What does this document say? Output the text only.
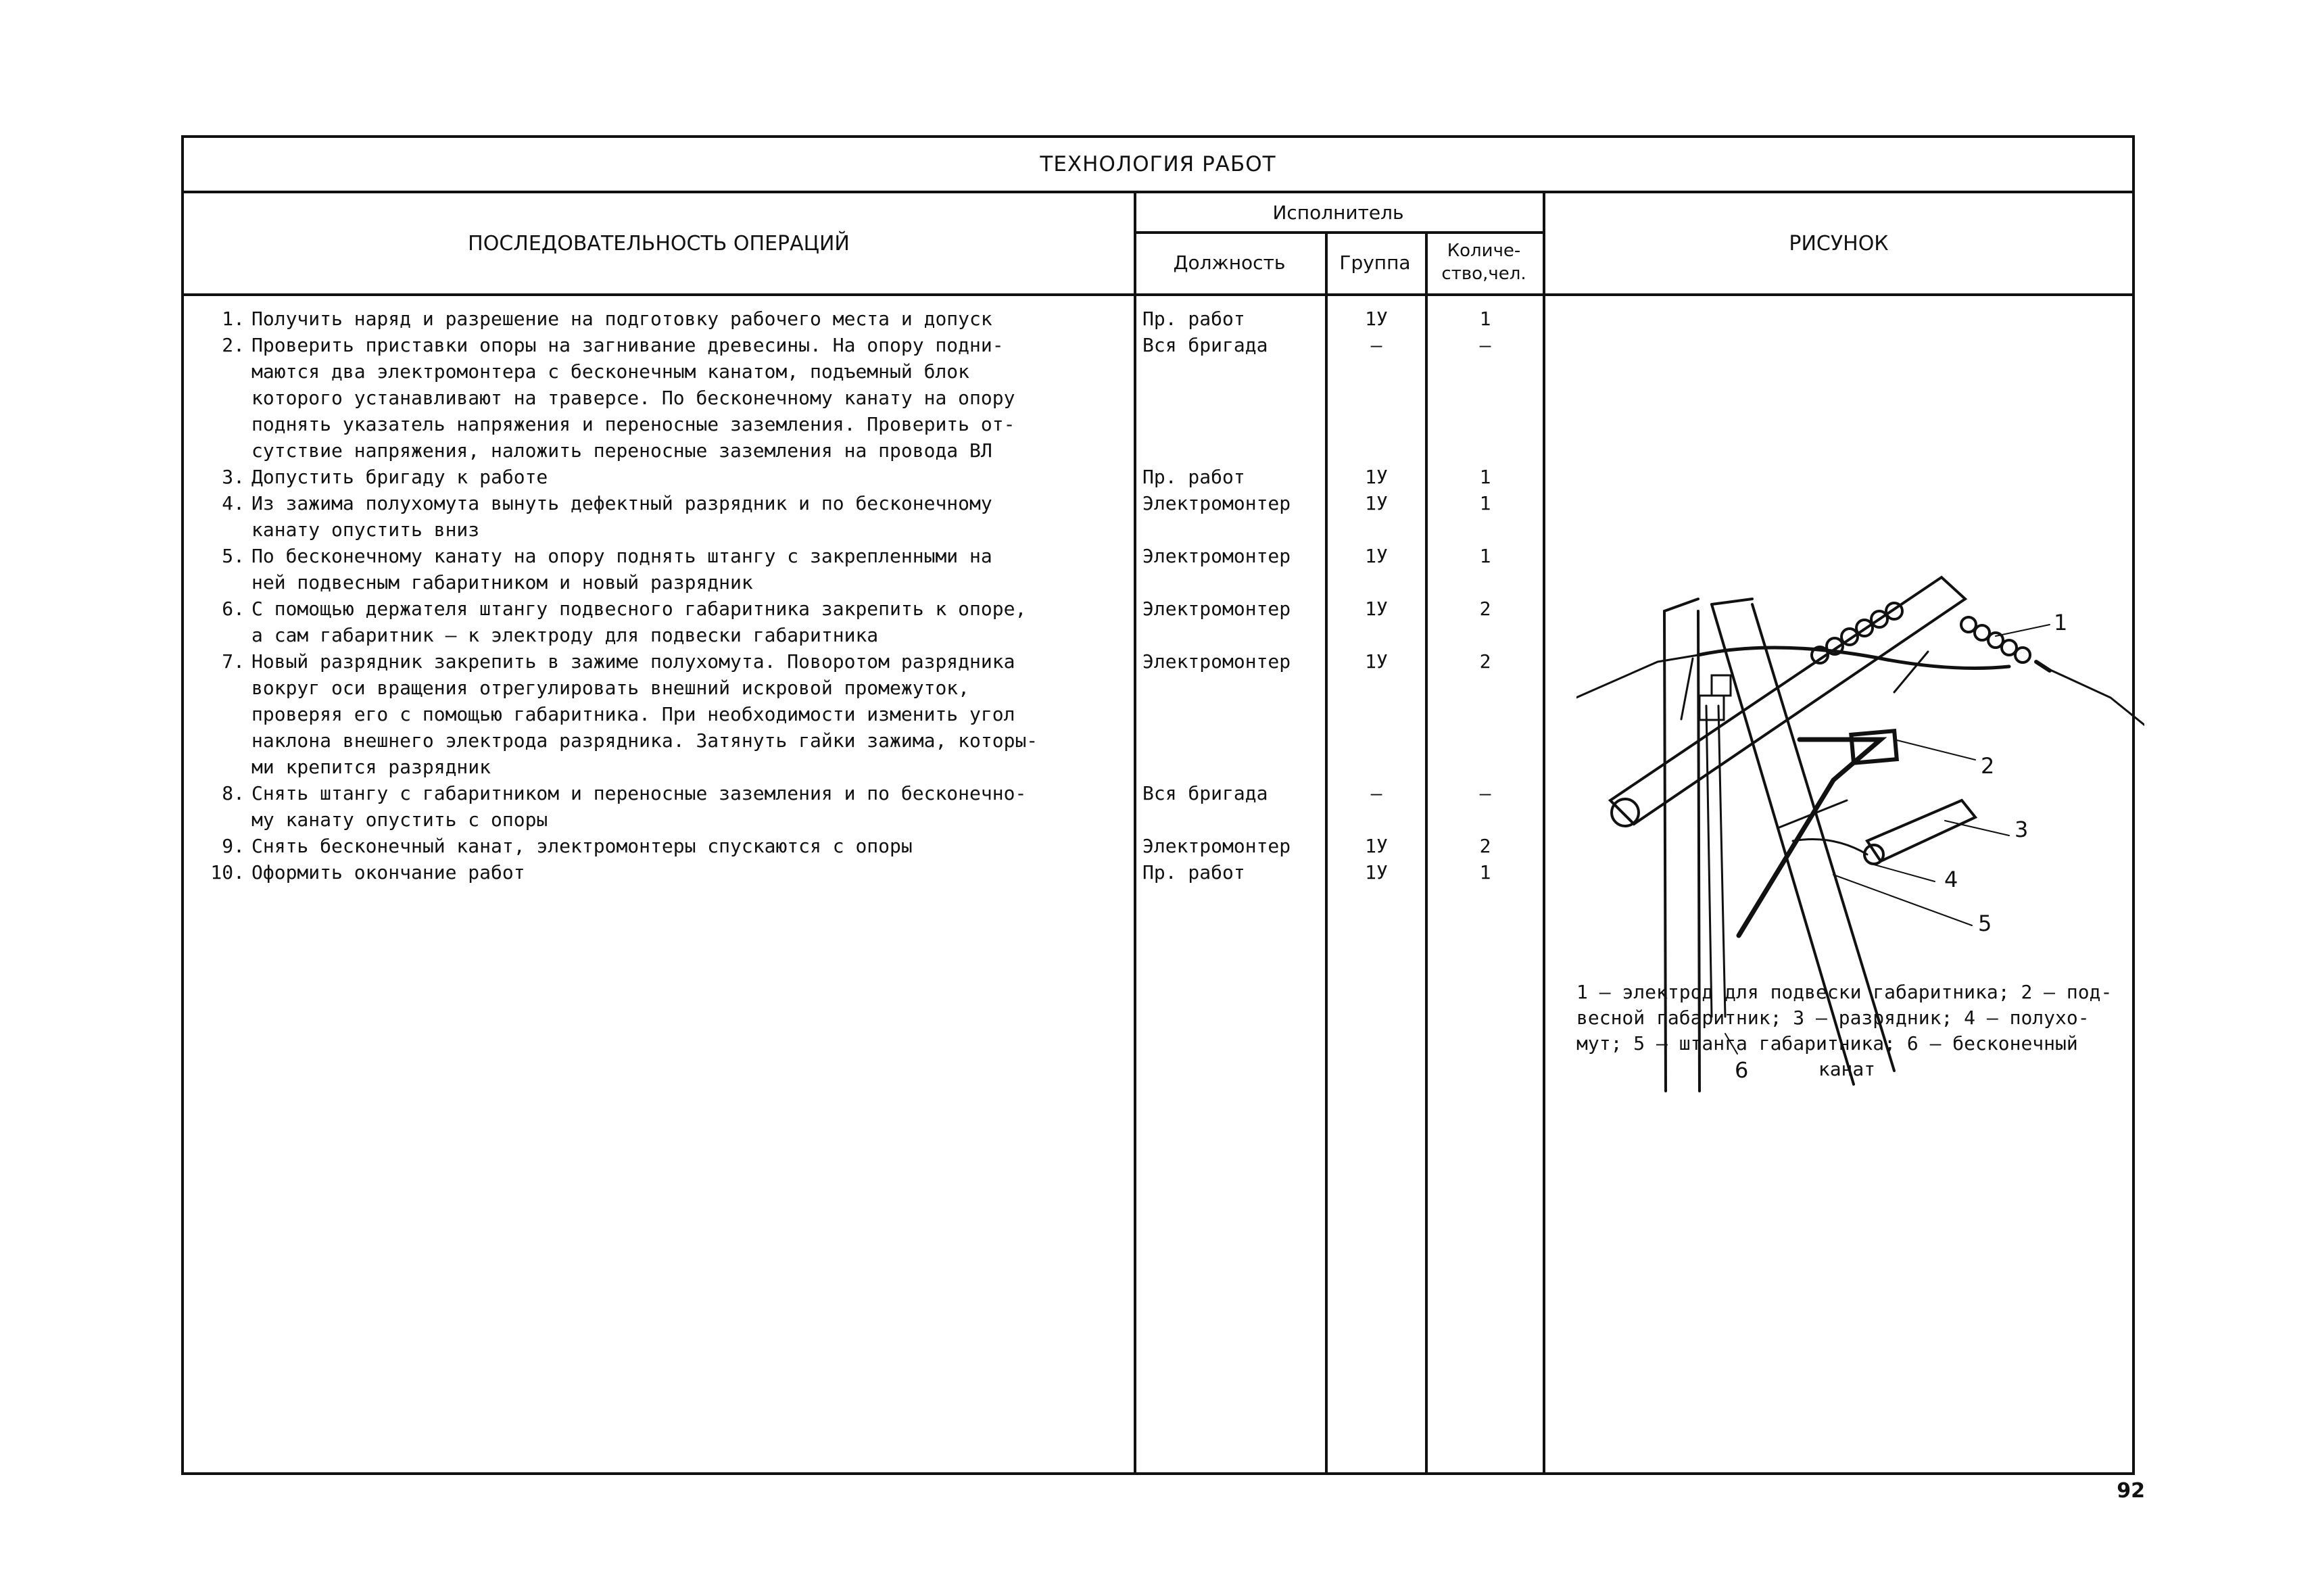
ТЕХНОЛОГИЯ РАБОТ
ПОСЛЕДОВАТЕЛЬНОСТЬ ОПЕРАЦИЙ
Исполнитель
Должность	Группа
Количе-
ство,чел.
РИСУНОК
1. Получить наряд и разрешение на подготовку рабочего места и допуск	Пр. работ	1У	1
2. Проверить приставки опоры на загнивание древесины. На опору подни-
маются два электромонтера с бесконечным канатом, подъемный блок
которого устанавливают на траверсе. По бесконечному канату на опору
поднять указатель напряжения и переносные заземления. Проверить от-
сутствие напряжения, наложить переносные заземления на провода ВЛ
Вся бригада	–	–
3. Допустить бригаду к работе	Пр. работ	1У	1
4. Из зажима полухомута вынуть дефектный разрядник и по бесконечному
канату опустить вниз
Электромонтер	1У	1
5. По бесконечному канату на опору поднять штангу с закрепленными на
ней подвесным габаритником и новый разрядник
Электромонтер	1У	1
6. С помощью держателя штангу подвесного габаритника закрепить к опоре,
а сам габаритник — к электроду для подвески габаритника
Электромонтер	1У	2
7. Новый разрядник закрепить в зажиме полухомута. Поворотом разрядника
вокруг оси вращения отрегулировать внешний искровой промежуток,
проверяя его с помощью габаритника. При необходимости изменить угол
наклона внешнего электрода разрядника. Затянуть гайки зажима, которы-
ми крепится разрядник
Электромонтер	1У	2
8. Снять штангу с габаритником и переносные заземления и по бесконечно-
му канату опустить с опоры
Вся бригада	–	–
9. Снять бесконечный канат, электромонтеры спускаются с опоры	Электромонтер	1У	2
10. Оформить окончание работ	Пр. работ	1У	1
1
2
3
4
5
6
1 – электрод для подвески габаритника; 2 – под-
весной габаритник; 3 – разрядник; 4 – полухо-
мут; 5 – штанга габаритника; 6 – бесконечный
канат
92
